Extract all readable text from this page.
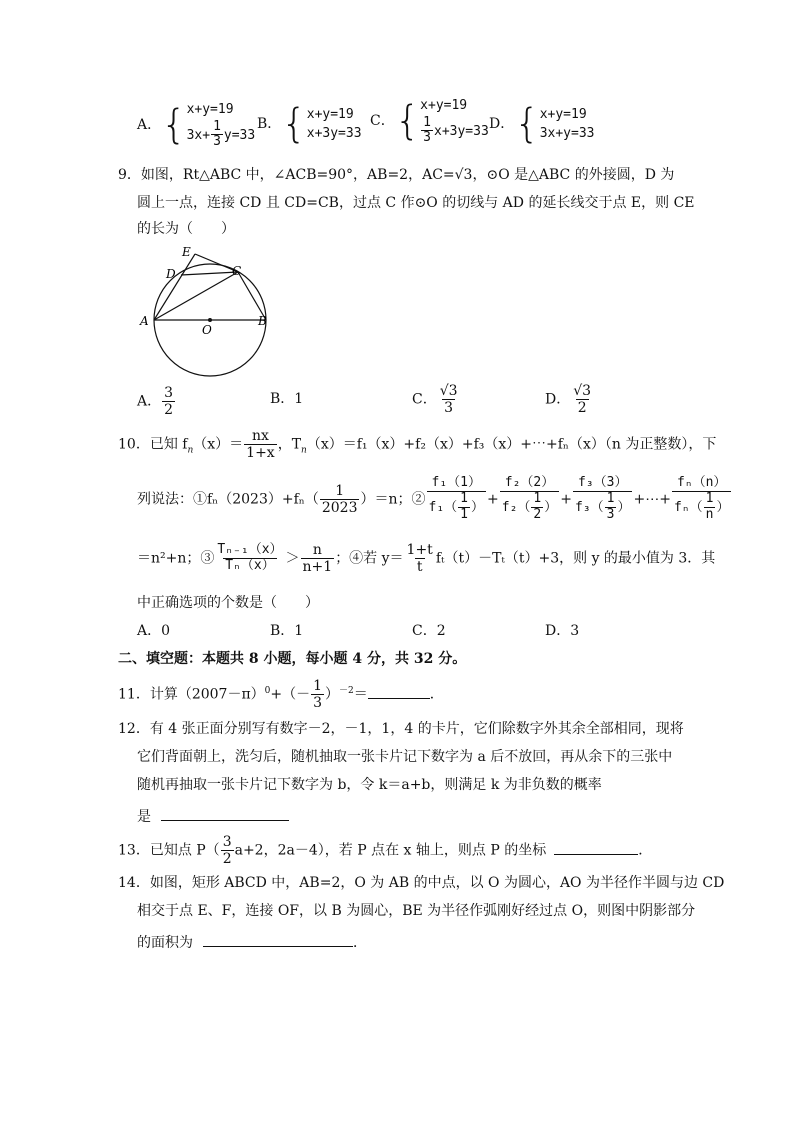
A．{ x+y=19
$3x+ \frac{1}{3} y=33$
B．{ x+y=19
x+3y=33
C．{ x+y=19
$\frac{1}{3} x+3y=33$ D．{ x+y=19
3x+y=33
9．如图，Rt△ABC 中，∠ACB=90°，AB=2，AC=√3，⊙O 是△ABC 的外接圆，D 为
圆上一点，连接 CD 且 CD=CB，过点 C 作⊙O 的切线与 AD 的延长线交于点 E，则 CE
的长为（　　）
E
D	C
A
O
B
A． $\frac{3}{2}$	B．1	C． $\frac{√3}{3}$	D． $\frac{√3}{2}$
10．已知 $f_n(x)= \frac{nx}{1+x}$ ，$T_n(x)=f_1(x)+f_2(x)+f_3(x)+\cdots+f_n(x)(n$ 为正整数），下
列说法：①fₙ（2023）+fₙ（ $\frac{1}{2023} )=n$；② $\frac{\text{f₁（1）}}{f_1( \frac{1}{1} )} + \frac{\text{f₂（2）}}{f_2( \frac{1}{2} )} + \frac{\text{f₃（3）}}{f_3( \frac{1}{3} )}$ +⋯+ $\frac{\text{fₙ（n）}}{f_n( \frac{1}{n} )}$
＝n²+n；③ $\frac{\text{Tₙ₋₁（x）}}{\text{Tₙ（x）}} > \frac{n}{n+1}$ ；④若 $y= \frac{1+t}{t} f_t(t)-T_t(t)+3$，则 y 的最小值为 3．其
中正确选项的个数是（　　）
A．0	B．1	C．2	D．3
二、填空题：本题共 8 小题，每小题 4 分，共 32 分。
11．计算$(2007-\pi)^0+(- \frac{1}{3} )^{-2}=$	．
12．有 4 张正面分别写有数字－2，－1，1，4 的卡片，它们除数字外其余全部相同，现将
它们背面朝上，洗匀后，随机抽取一张卡片记下数字为 a 后不放回，再从余下的三张中
随机再抽取一张卡片记下数字为 b，令 k＝a+b，则满足 k 为非负数的概率
是
13．已知点 $P( \frac{3}{2} a+2$，2a－4），若 P 点在 x 轴上，则点 P 的坐标	．
14．如图，矩形 ABCD 中，AB=2，O 为 AB 的中点，以 O 为圆心，AO 为半径作半圆与边 CD
相交于点 E、F，连接 OF，以 B 为圆心，BE 为半径作弧刚好经过点 O，则图中阴影部分
的面积为	．
